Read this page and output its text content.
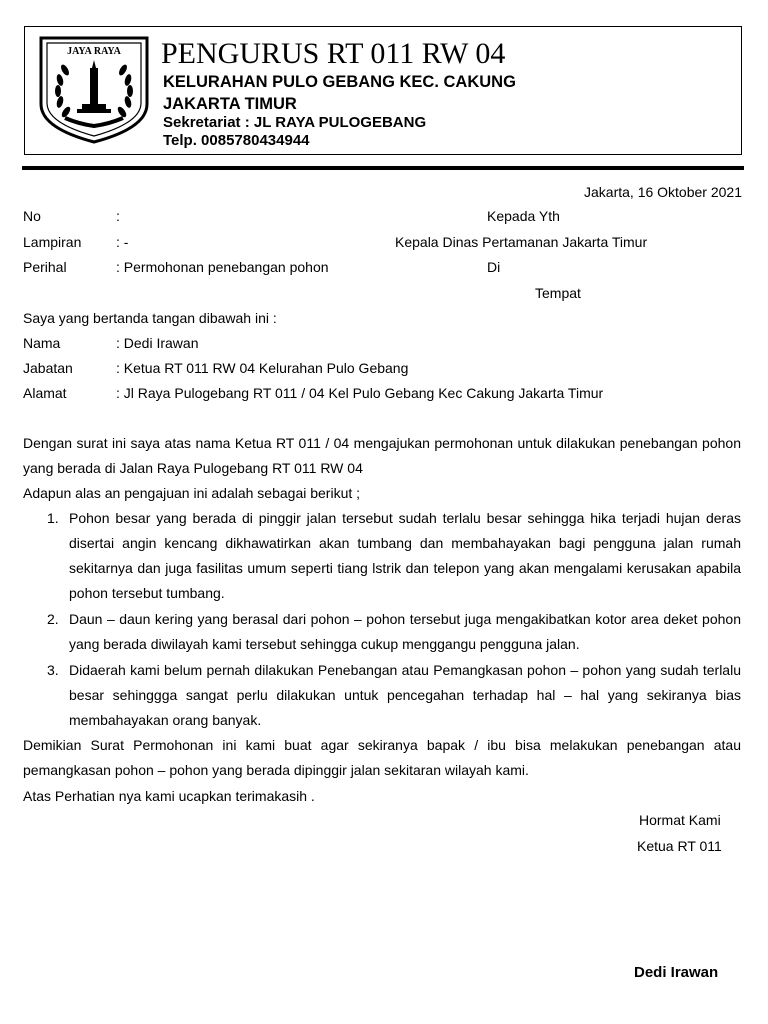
JAYA RAYA PENGURUS RT 011 RW 04
KELURAHAN PULO GEBANG KEC. CAKUNG
JAKARTA TIMUR
Sekretariat : JL RAYA PULOGEBANG
Telp. 0085780434944
Jakarta, 16 Oktober 2021
No	:
Lampiran : -
Perihal	: Permohonan penebangan pohon
Kepada Yth
Kepala Dinas Pertamanan Jakarta Timur
Di
Tempat
Saya yang bertanda tangan dibawah ini :
Nama	: Dedi Irawan
Jabatan	: Ketua RT 011 RW 04 Kelurahan Pulo Gebang
Alamat	: Jl Raya Pulogebang RT 011 / 04 Kel Pulo Gebang Kec Cakung Jakarta Timur

Dengan surat ini saya atas nama Ketua RT 011 / 04 mengajukan permohonan untuk dilakukan penebangan pohon yang berada di Jalan Raya Pulogebang RT 011 RW 04

Adapun alas an pengajuan ini adalah sebagai berikut ;

1. Pohon besar yang berada di pinggir jalan tersebut sudah terlalu besar sehingga hika terjadi hujan deras disertai angin kencang dikhawatirkan akan tumbang dan membahayakan bagi pengguna jalan rumah sekitarnya dan juga fasilitas umum seperti tiang lstrik dan telepon yang akan mengalami kerusakan apabila pohon tersebut tumbang.

2. Daun – daun kering yang berasal dari pohon – pohon tersebut juga mengakibatkan kotor area deket pohon yang berada diwilayah kami tersebut sehingga cukup menggangu pengguna jalan.

3. Didaerah kami belum pernah dilakukan Penebangan atau Pemangkasan pohon – pohon yang sudah terlalu besar sehinggga sangat perlu dilakukan untuk pencegahan terhadap hal – hal yang sekiranya bias membahayakan orang banyak.

Demikian Surat Permohonan ini kami buat agar sekiranya bapak / ibu bisa melakukan penebangan atau pemangkasan pohon – pohon yang berada dipinggir jalan sekitaran wilayah kami.

Atas Perhatian nya kami ucapkan terimakasih .

Hormat Kami
Ketua RT 011
Dedi Irawan
